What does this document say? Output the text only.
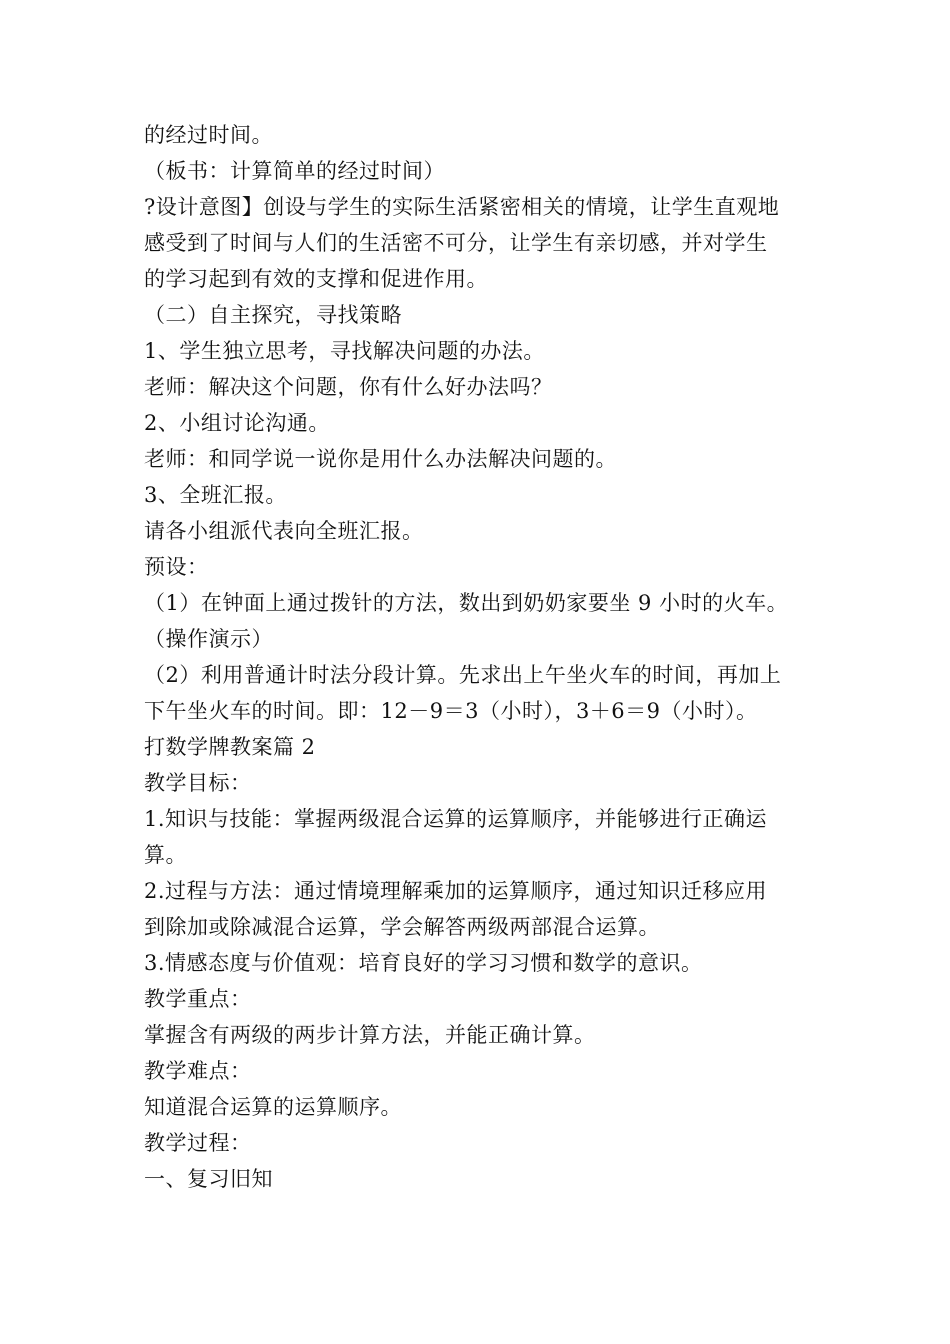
的经过时间。
（板书：计算简单的经过时间）
?设计意图】创设与学生的实际生活紧密相关的情境，让学生直观地
感受到了时间与人们的生活密不可分，让学生有亲切感，并对学生
的学习起到有效的支撑和促进作用。
（二）自主探究，寻找策略
1、学生独立思考，寻找解决问题的办法。
老师：解决这个问题，你有什么好办法吗？
2、小组讨论沟通。
老师：和同学说一说你是用什么办法解决问题的。
3、全班汇报。
请各小组派代表向全班汇报。
预设：
（1）在钟面上通过拨针的方法，数出到奶奶家要坐 9 小时的火车。
（操作演示）
（2）利用普通计时法分段计算。先求出上午坐火车的时间，再加上
下午坐火车的时间。即：12－9＝3（小时），3＋6＝9（小时）。
打数学牌教案篇 2
教学目标：
1.知识与技能：掌握两级混合运算的运算顺序，并能够进行正确运
算。
2.过程与方法：通过情境理解乘加的运算顺序，通过知识迁移应用
到除加或除减混合运算，学会解答两级两部混合运算。
3.情感态度与价值观：培育良好的学习习惯和数学的意识。
教学重点：
掌握含有两级的两步计算方法，并能正确计算。
教学难点：
知道混合运算的运算顺序。
教学过程：
一、复习旧知
